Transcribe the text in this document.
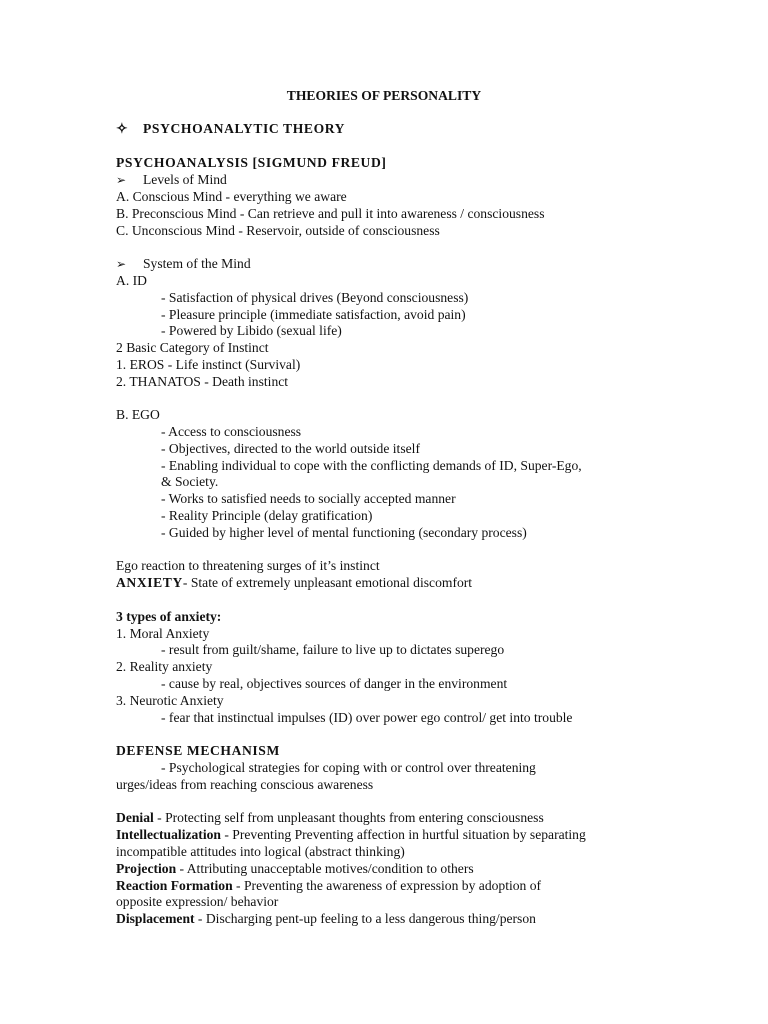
THEORIES OF PERSONALITY
✧ PSYCHOANALYTIC THEORY
PSYCHOANALYSIS [SIGMUND FREUD]
➢ Levels of Mind
A. Conscious Mind - everything we aware
B. Preconscious Mind - Can retrieve and pull it into awareness / consciousness
C. Unconscious Mind - Reservoir, outside of consciousness
➢ System of the Mind
A. ID
- Satisfaction of physical drives (Beyond consciousness)
- Pleasure principle (immediate satisfaction, avoid pain)
- Powered by Libido (sexual life)
2 Basic Category of Instinct
1. EROS - Life instinct (Survival)
2. THANATOS - Death instinct
B. EGO
- Access to consciousness
- Objectives, directed to the world outside itself
- Enabling individual to cope with the conflicting demands of ID, Super-Ego,
& Society.
- Works to satisfied needs to socially accepted manner
- Reality Principle (delay gratification)
- Guided by higher level of mental functioning (secondary process)
Ego reaction to threatening surges of it’s instinct
ANXIETY- State of extremely unpleasant emotional discomfort
3 types of anxiety:
1. Moral Anxiety
- result from guilt/shame, failure to live up to dictates superego
2. Reality anxiety
- cause by real, objectives sources of danger in the environment
3. Neurotic Anxiety
- fear that instinctual impulses (ID) over power ego control/ get into trouble
DEFENSE MECHANISM
- Psychological strategies for coping with or control over threatening
urges/ideas from reaching conscious awareness
Denial - Protecting self from unpleasant thoughts from entering consciousness
Intellectualization - Preventing Preventing affection in hurtful situation by separating
incompatible attitudes into logical (abstract thinking)
Projection - Attributing unacceptable motives/condition to others
Reaction Formation - Preventing the awareness of expression by adoption of
opposite expression/ behavior
Displacement - Discharging pent-up feeling to a less dangerous thing/person
